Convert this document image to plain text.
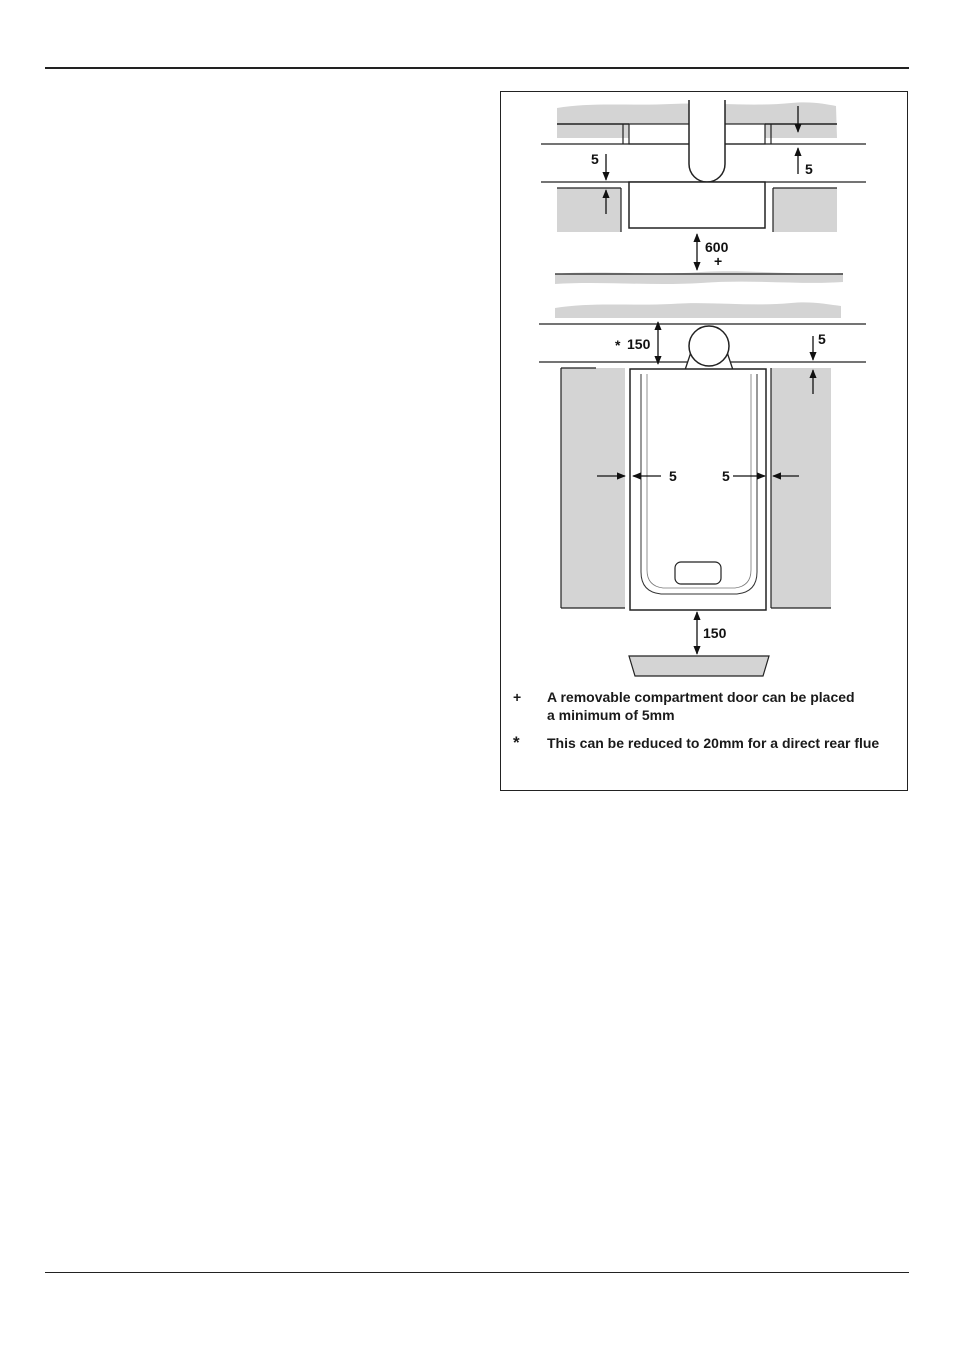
5
5
600
+
* 150	5
5	5
150
+	A removable compartment door can be placed
a minimum of 5mm
*	This can be reduced to 20mm for a direct rear flue
